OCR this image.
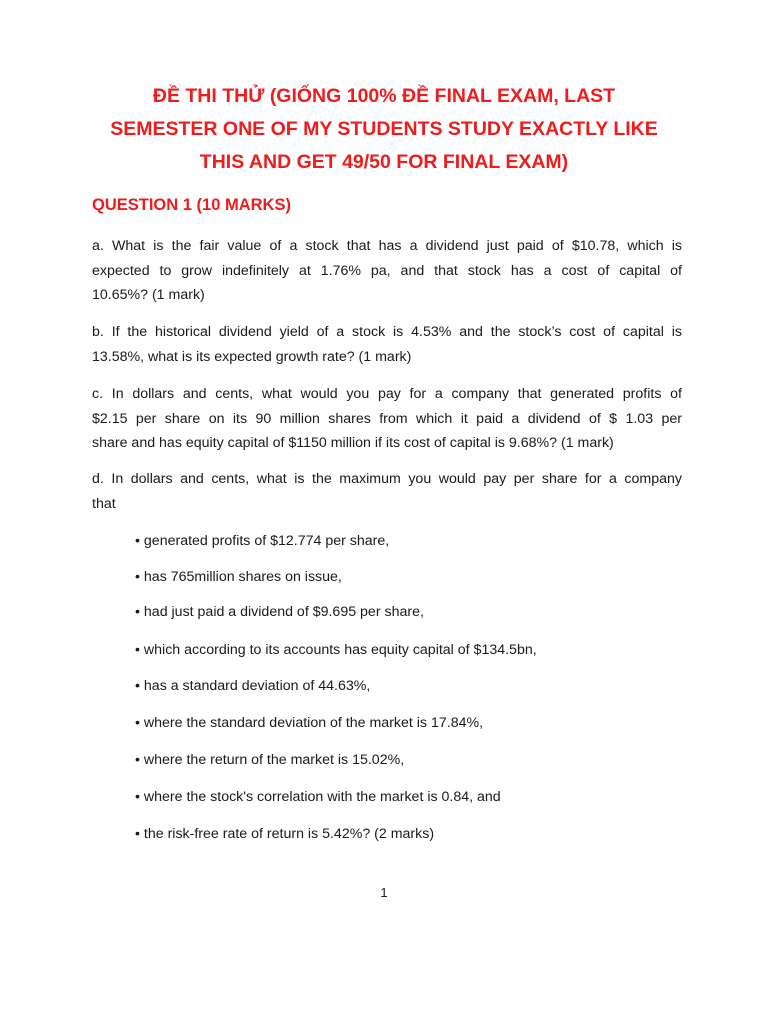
ĐỀ THI THỬ (GIỐNG 100% ĐỀ FINAL EXAM, LAST
SEMESTER ONE OF MY STUDENTS STUDY EXACTLY LIKE
THIS AND GET 49/50 FOR FINAL EXAM)
QUESTION 1 (10 MARKS)

a. What is the fair value of a stock that has a dividend just paid of $10.78, which is
expected to grow indefinitely at 1.76% pa, and that stock has a cost of capital of
10.65%? (1 mark)

b. If the historical dividend yield of a stock is 4.53% and the stock’s cost of capital is
13.58%, what is its expected growth rate? (1 mark)

c. In dollars and cents, what would you pay for a company that generated profits of
$2.15 per share on its 90 million shares from which it paid a dividend of $ 1.03 per
share and has equity capital of $1150 million if its cost of capital is 9.68%? (1 mark)

d. In dollars and cents, what is the maximum you would pay per share for a company
that

• generated profits of $12.774 per share,

• has 765million shares on issue,

• had just paid a dividend of $9.695 per share,

• which according to its accounts has equity capital of $134.5bn,

• has a standard deviation of 44.63%,

• where the standard deviation of the market is 17.84%,

• where the return of the market is 15.02%,

• where the stock's correlation with the market is 0.84, and

• the risk-free rate of return is 5.42%? (2 marks)

1
